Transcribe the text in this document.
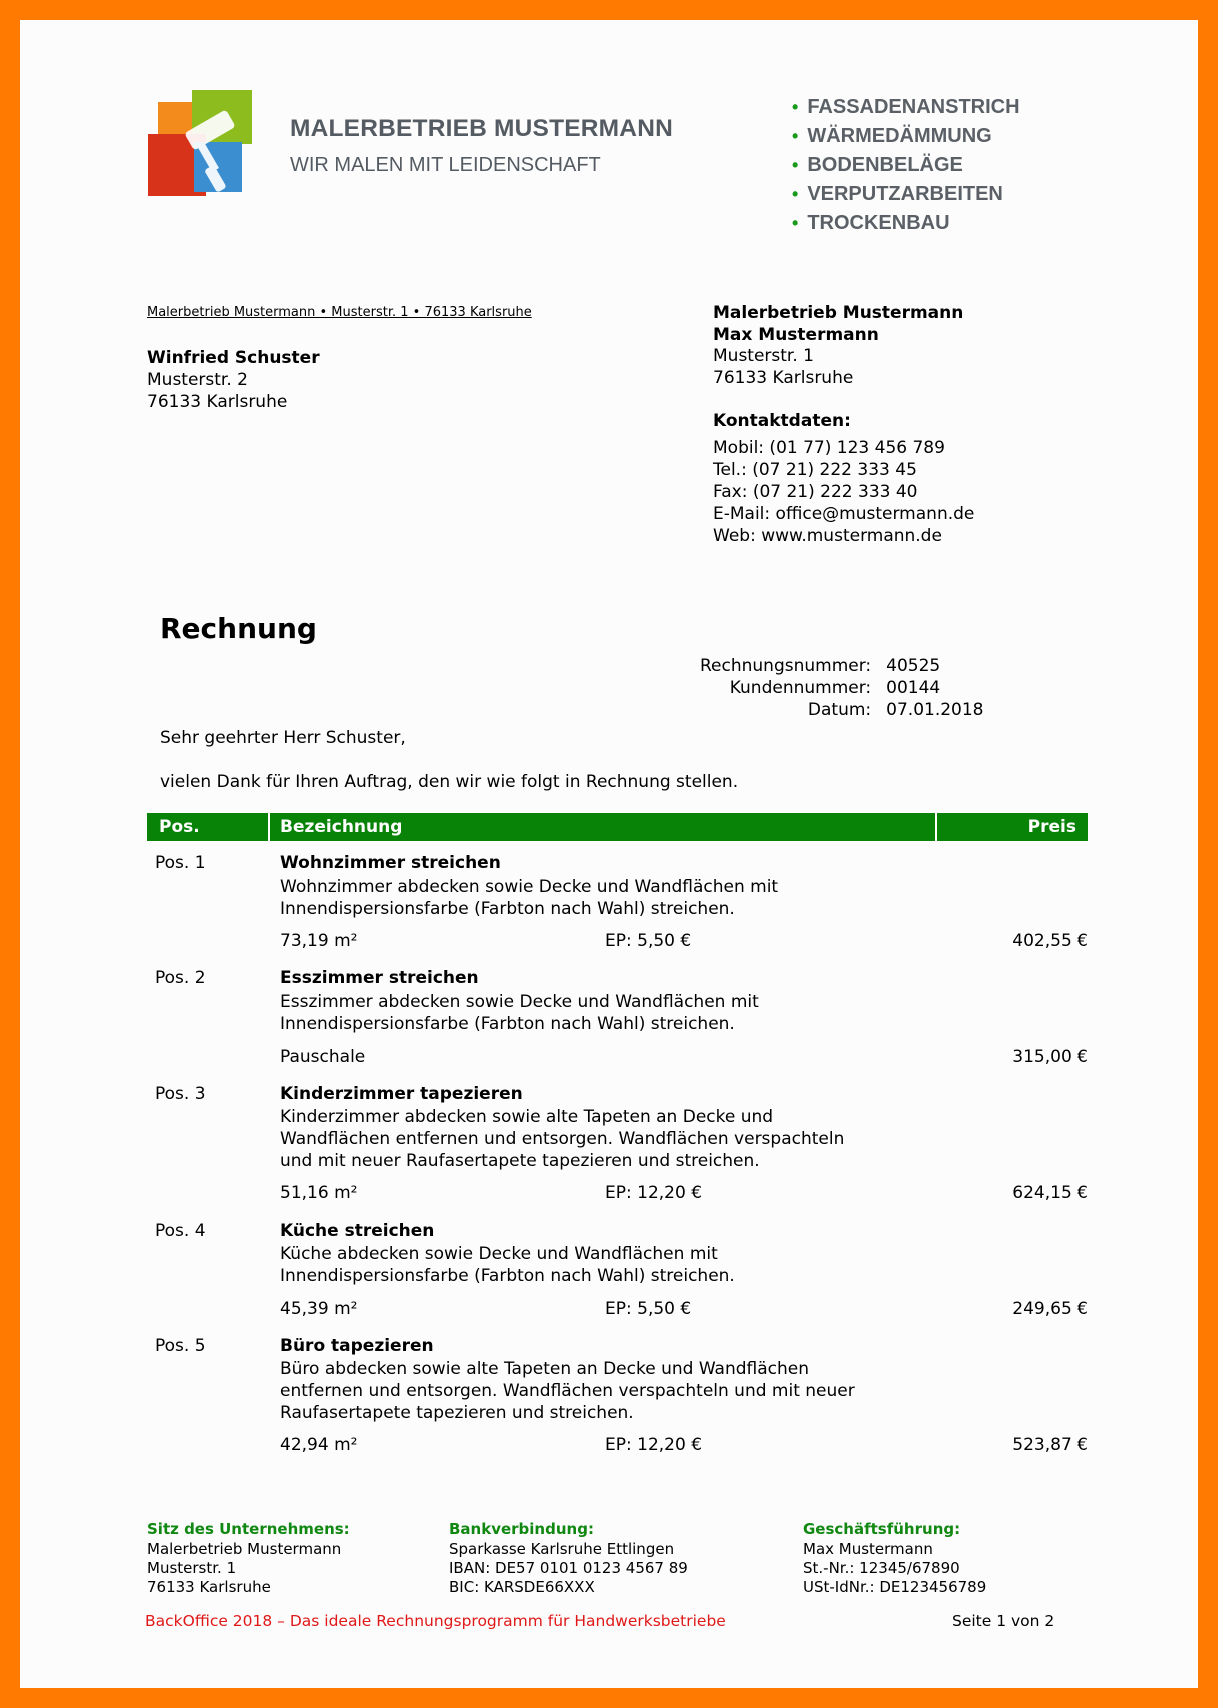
MALERBETRIEB MUSTERMANN
WIR MALEN MIT LEIDENSCHAFT
• FASSADENANSTRICH
• WÄRMEDÄMMUNG
• BODENBELÄGE
• VERPUTZARBEITEN
• TROCKENBAU
Malerbetrieb Mustermann • Musterstr. 1 • 76133 Karlsruhe
Winfried Schuster
Musterstr. 2
76133 Karlsruhe
Malerbetrieb Mustermann
Max Mustermann
Musterstr. 1
76133 Karlsruhe
Kontaktdaten:
Mobil: (01 77) 123 456 789
Tel.: (07 21) 222 333 45
Fax: (07 21) 222 333 40
E-Mail: office@mustermann.de
Web: www.mustermann.de
Rechnung
Rechnungsnummer:	40525
Kundennummer:	00144
Datum:	07.01.2018
Sehr geehrter Herr Schuster,
vielen Dank für Ihren Auftrag, den wir wie folgt in Rechnung stellen.
Pos.	Bezeichnung	Preis
Pos. 1	Wohnzimmer streichen
Wohnzimmer abdecken sowie Decke und Wandflächen mit
Innendispersionsfarbe (Farbton nach Wahl) streichen.
73,19 m²	EP: 5,50 €	402,55 €
Pos. 2	Esszimmer streichen
Esszimmer abdecken sowie Decke und Wandflächen mit
Innendispersionsfarbe (Farbton nach Wahl) streichen.
Pauschale	315,00 €
Pos. 3	Kinderzimmer tapezieren
Kinderzimmer abdecken sowie alte Tapeten an Decke und
Wandflächen entfernen und entsorgen. Wandflächen verspachteln
und mit neuer Raufasertapete tapezieren und streichen.
51,16 m²	EP: 12,20 €	624,15 €
Pos. 4	Küche streichen
Küche abdecken sowie Decke und Wandflächen mit
Innendispersionsfarbe (Farbton nach Wahl) streichen.
45,39 m²	EP: 5,50 €	249,65 €
Pos. 5	Büro tapezieren
Büro abdecken sowie alte Tapeten an Decke und Wandflächen
entfernen und entsorgen. Wandflächen verspachteln und mit neuer
Raufasertapete tapezieren und streichen.
42,94 m²	EP: 12,20 €	523,87 €
Sitz des Unternehmens:
Malerbetrieb Mustermann
Musterstr. 1
76133 Karlsruhe
Bankverbindung:
Sparkasse Karlsruhe Ettlingen
IBAN: DE57 0101 0123 4567 89
BIC: KARSDE66XXX
Geschäftsführung:
Max Mustermann
St.-Nr.: 12345/67890
USt-IdNr.: DE123456789
BackOffice 2018 – Das ideale Rechnungsprogramm für Handwerksbetriebe	Seite 1 von 2
